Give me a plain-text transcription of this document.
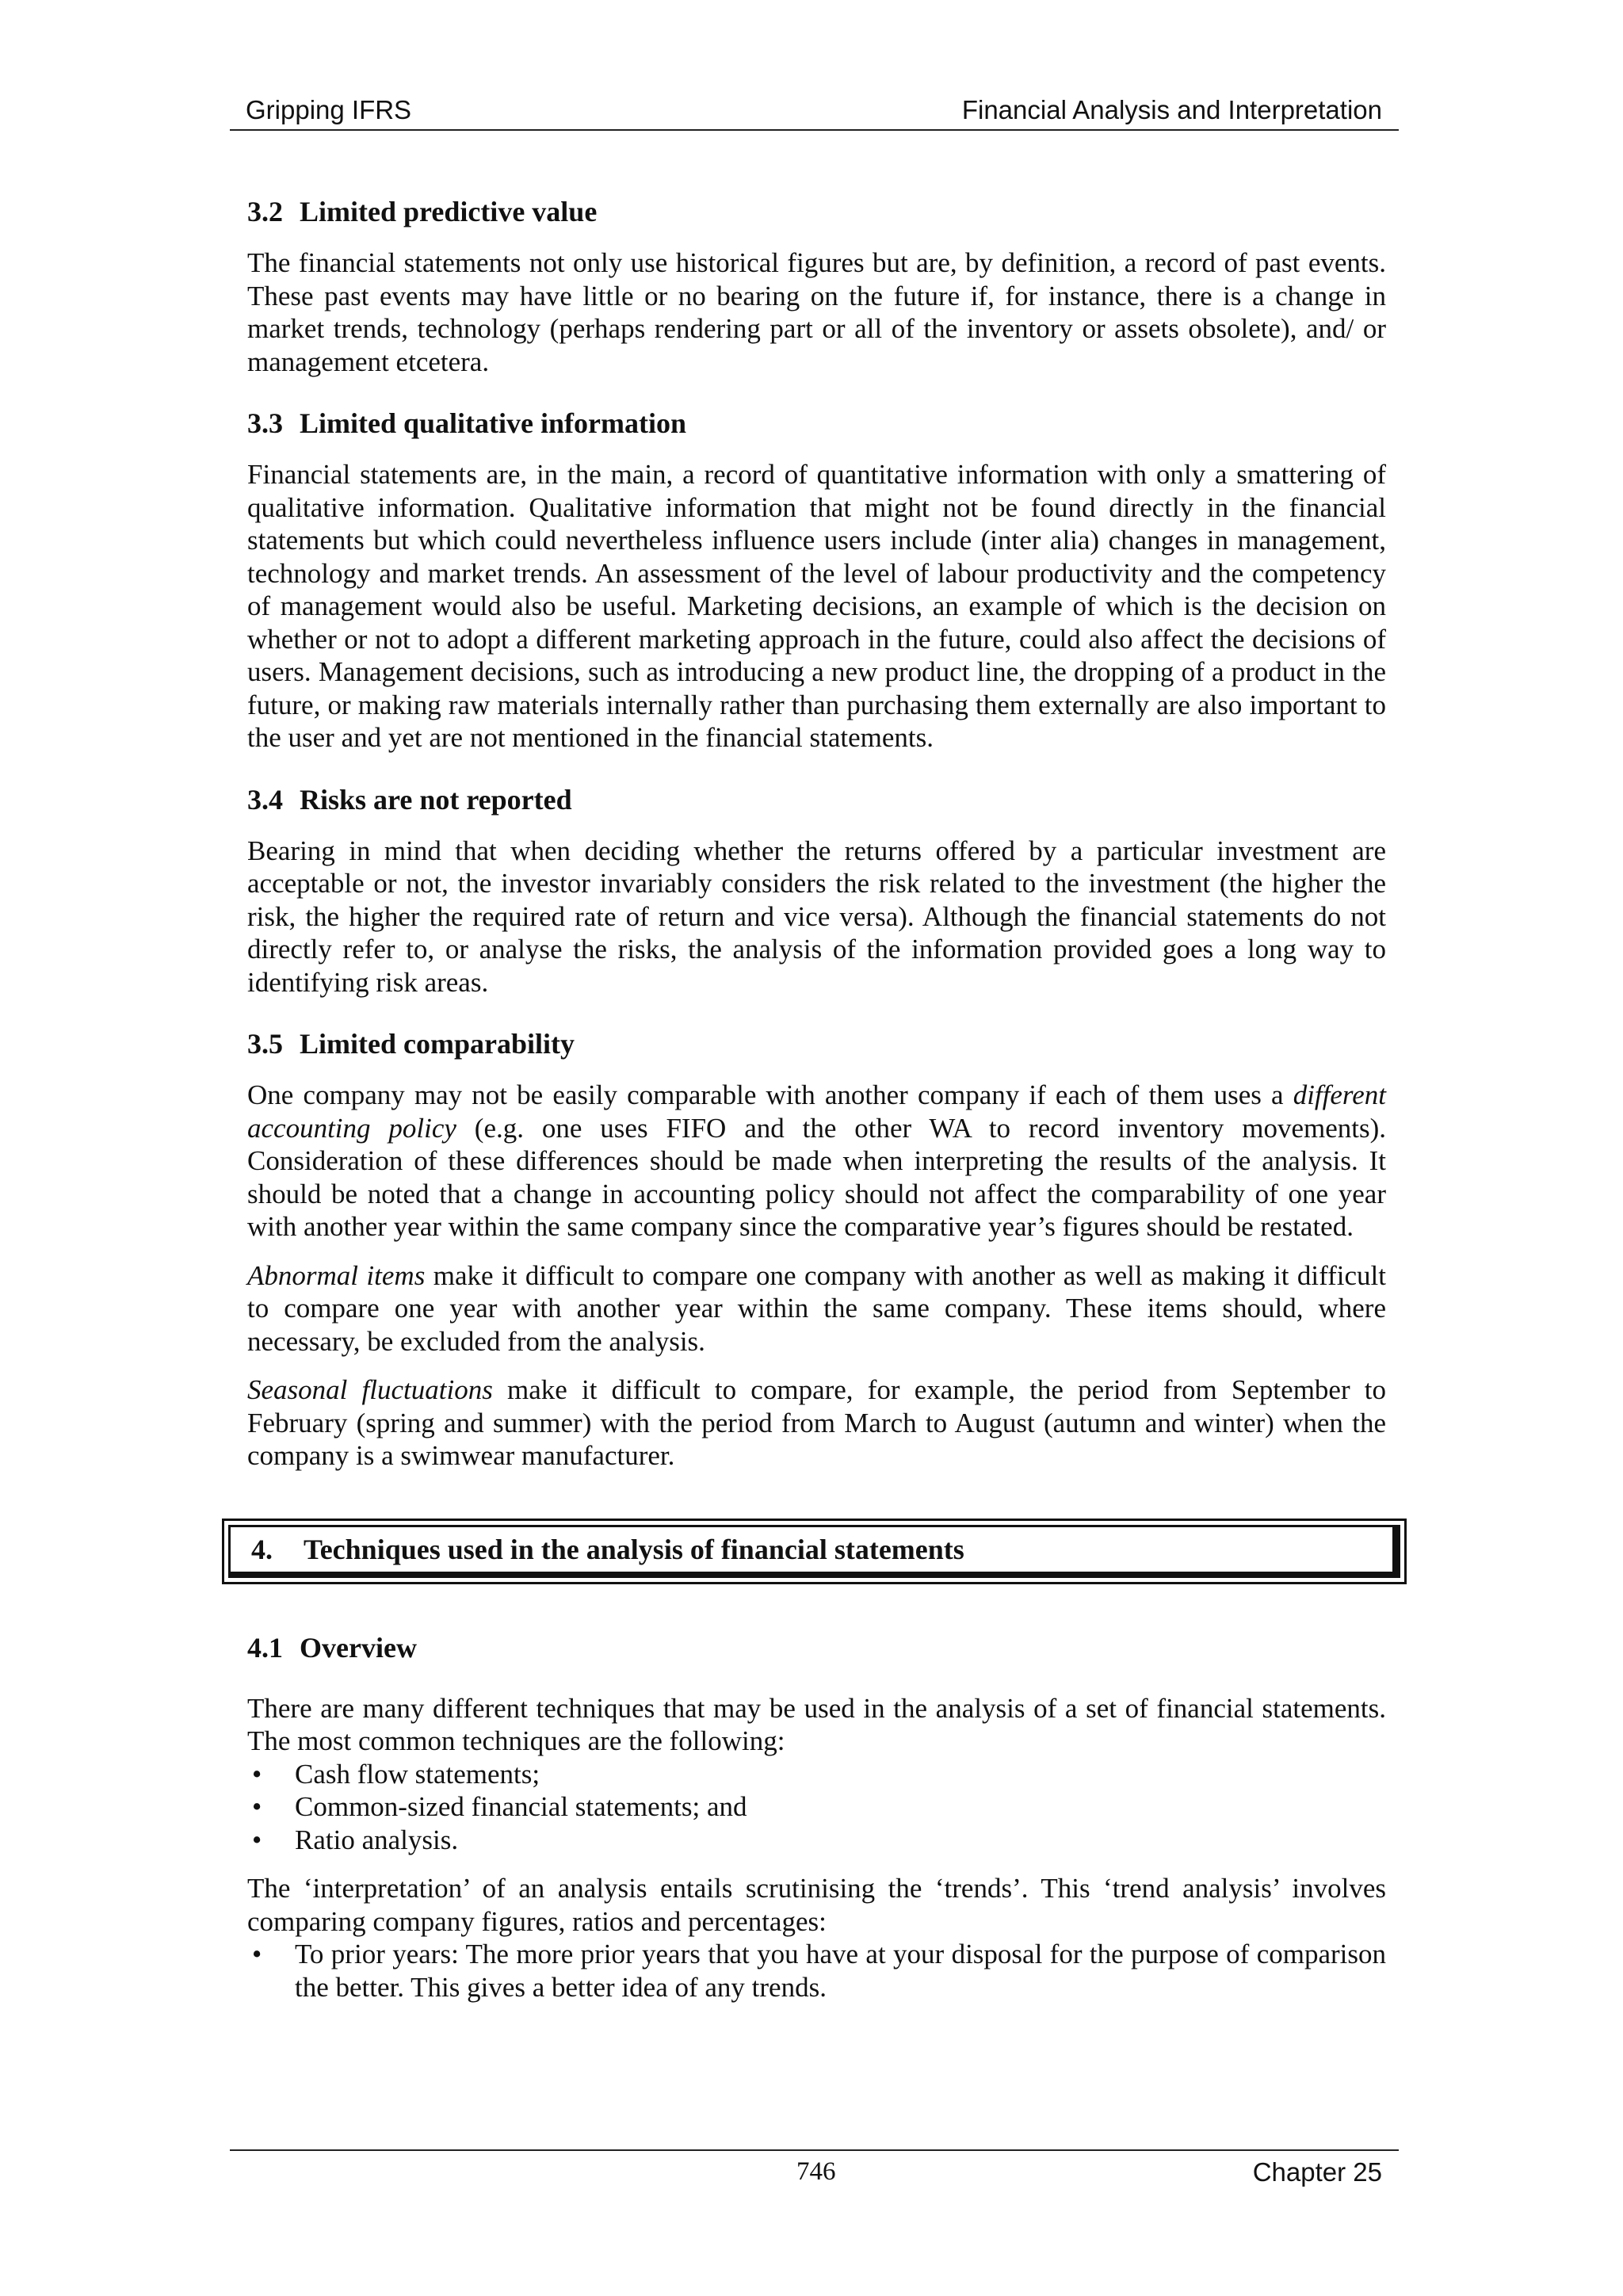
Gripping IFRS	Financial Analysis and Interpretation
3.2 Limited predictive value

The financial statements not only use historical figures but are, by definition, a record of past events. These past events may have little or no bearing on the future if, for instance, there is a change in market trends, technology (perhaps rendering part or all of the inventory or assets obsolete), and/ or management etcetera.

3.3 Limited qualitative information

Financial statements are, in the main, a record of quantitative information with only a smattering of qualitative information. Qualitative information that might not be found directly in the financial statements but which could nevertheless influence users include (inter alia) changes in management, technology and market trends. An assessment of the level of labour productivity and the competency of management would also be useful. Marketing decisions, an example of which is the decision on whether or not to adopt a different marketing approach in the future, could also affect the decisions of users. Management decisions, such as introducing a new product line, the dropping of a product in the future, or making raw materials internally rather than purchasing them externally are also important to the user and yet are not mentioned in the financial statements.

3.4 Risks are not reported

Bearing in mind that when deciding whether the returns offered by a particular investment are acceptable or not, the investor invariably considers the risk related to the investment (the higher the risk, the higher the required rate of return and vice versa). Although the financial statements do not directly refer to, or analyse the risks, the analysis of the information provided goes a long way to identifying risk areas.

3.5 Limited comparability

One company may not be easily comparable with another company if each of them uses a different accounting policy (e.g. one uses FIFO and the other WA to record inventory movements). Consideration of these differences should be made when interpreting the results of the analysis. It should be noted that a change in accounting policy should not affect the comparability of one year with another year within the same company since the comparative year’s figures should be restated.

Abnormal items make it difficult to compare one company with another as well as making it difficult to compare one year with another year within the same company. These items should, where necessary, be excluded from the analysis.

Seasonal fluctuations make it difficult to compare, for example, the period from September to February (spring and summer) with the period from March to August (autumn and winter) when the company is a swimwear manufacturer.

4. Techniques used in the analysis of financial statements
4.1 Overview

There are many different techniques that may be used in the analysis of a set of financial statements. The most common techniques are the following:

• Cash flow statements;
• Common-sized financial statements; and
• Ratio analysis.

The ‘interpretation’ of an analysis entails scrutinising the ‘trends’. This ‘trend analysis’ involves comparing company figures, ratios and percentages:

• To prior years: The more prior years that you have at your disposal for the purpose of comparison the better. This gives a better idea of any trends.
746	Chapter 25
